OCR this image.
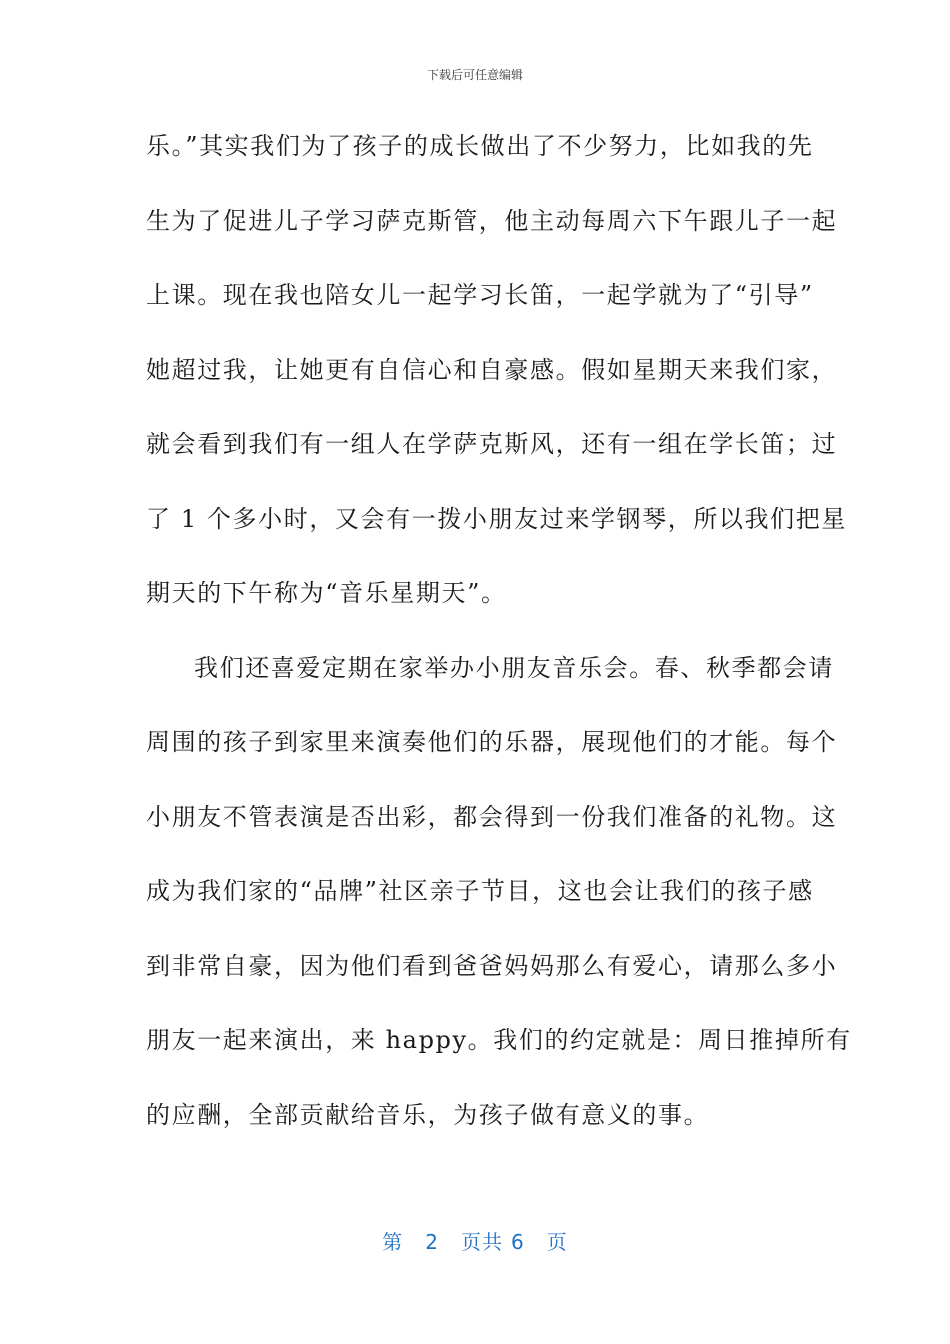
下载后可任意编辑
乐。”其实我们为了孩子的成长做出了不少努力，比如我的先
生为了促进儿子学习萨克斯管，他主动每周六下午跟儿子一起
上课。现在我也陪女儿一起学习长笛，一起学就为了“引导”
她超过我，让她更有自信心和自豪感。假如星期天来我们家，
就会看到我们有一组人在学萨克斯风，还有一组在学长笛；过
了 1 个多小时，又会有一拨小朋友过来学钢琴，所以我们把星
期天的下午称为“音乐星期天”。
我们还喜爱定期在家举办小朋友音乐会。春、秋季都会请
周围的孩子到家里来演奏他们的乐器，展现他们的才能。每个
小朋友不管表演是否出彩，都会得到一份我们准备的礼物。这
成为我们家的“品牌”社区亲子节目，这也会让我们的孩子感
到非常自豪，因为他们看到爸爸妈妈那么有爱心，请那么多小
朋友一起来演出，来 happy。我们的约定就是：周日推掉所有
的应酬，全部贡献给音乐，为孩子做有意义的事。
第 2 页共 6 页
